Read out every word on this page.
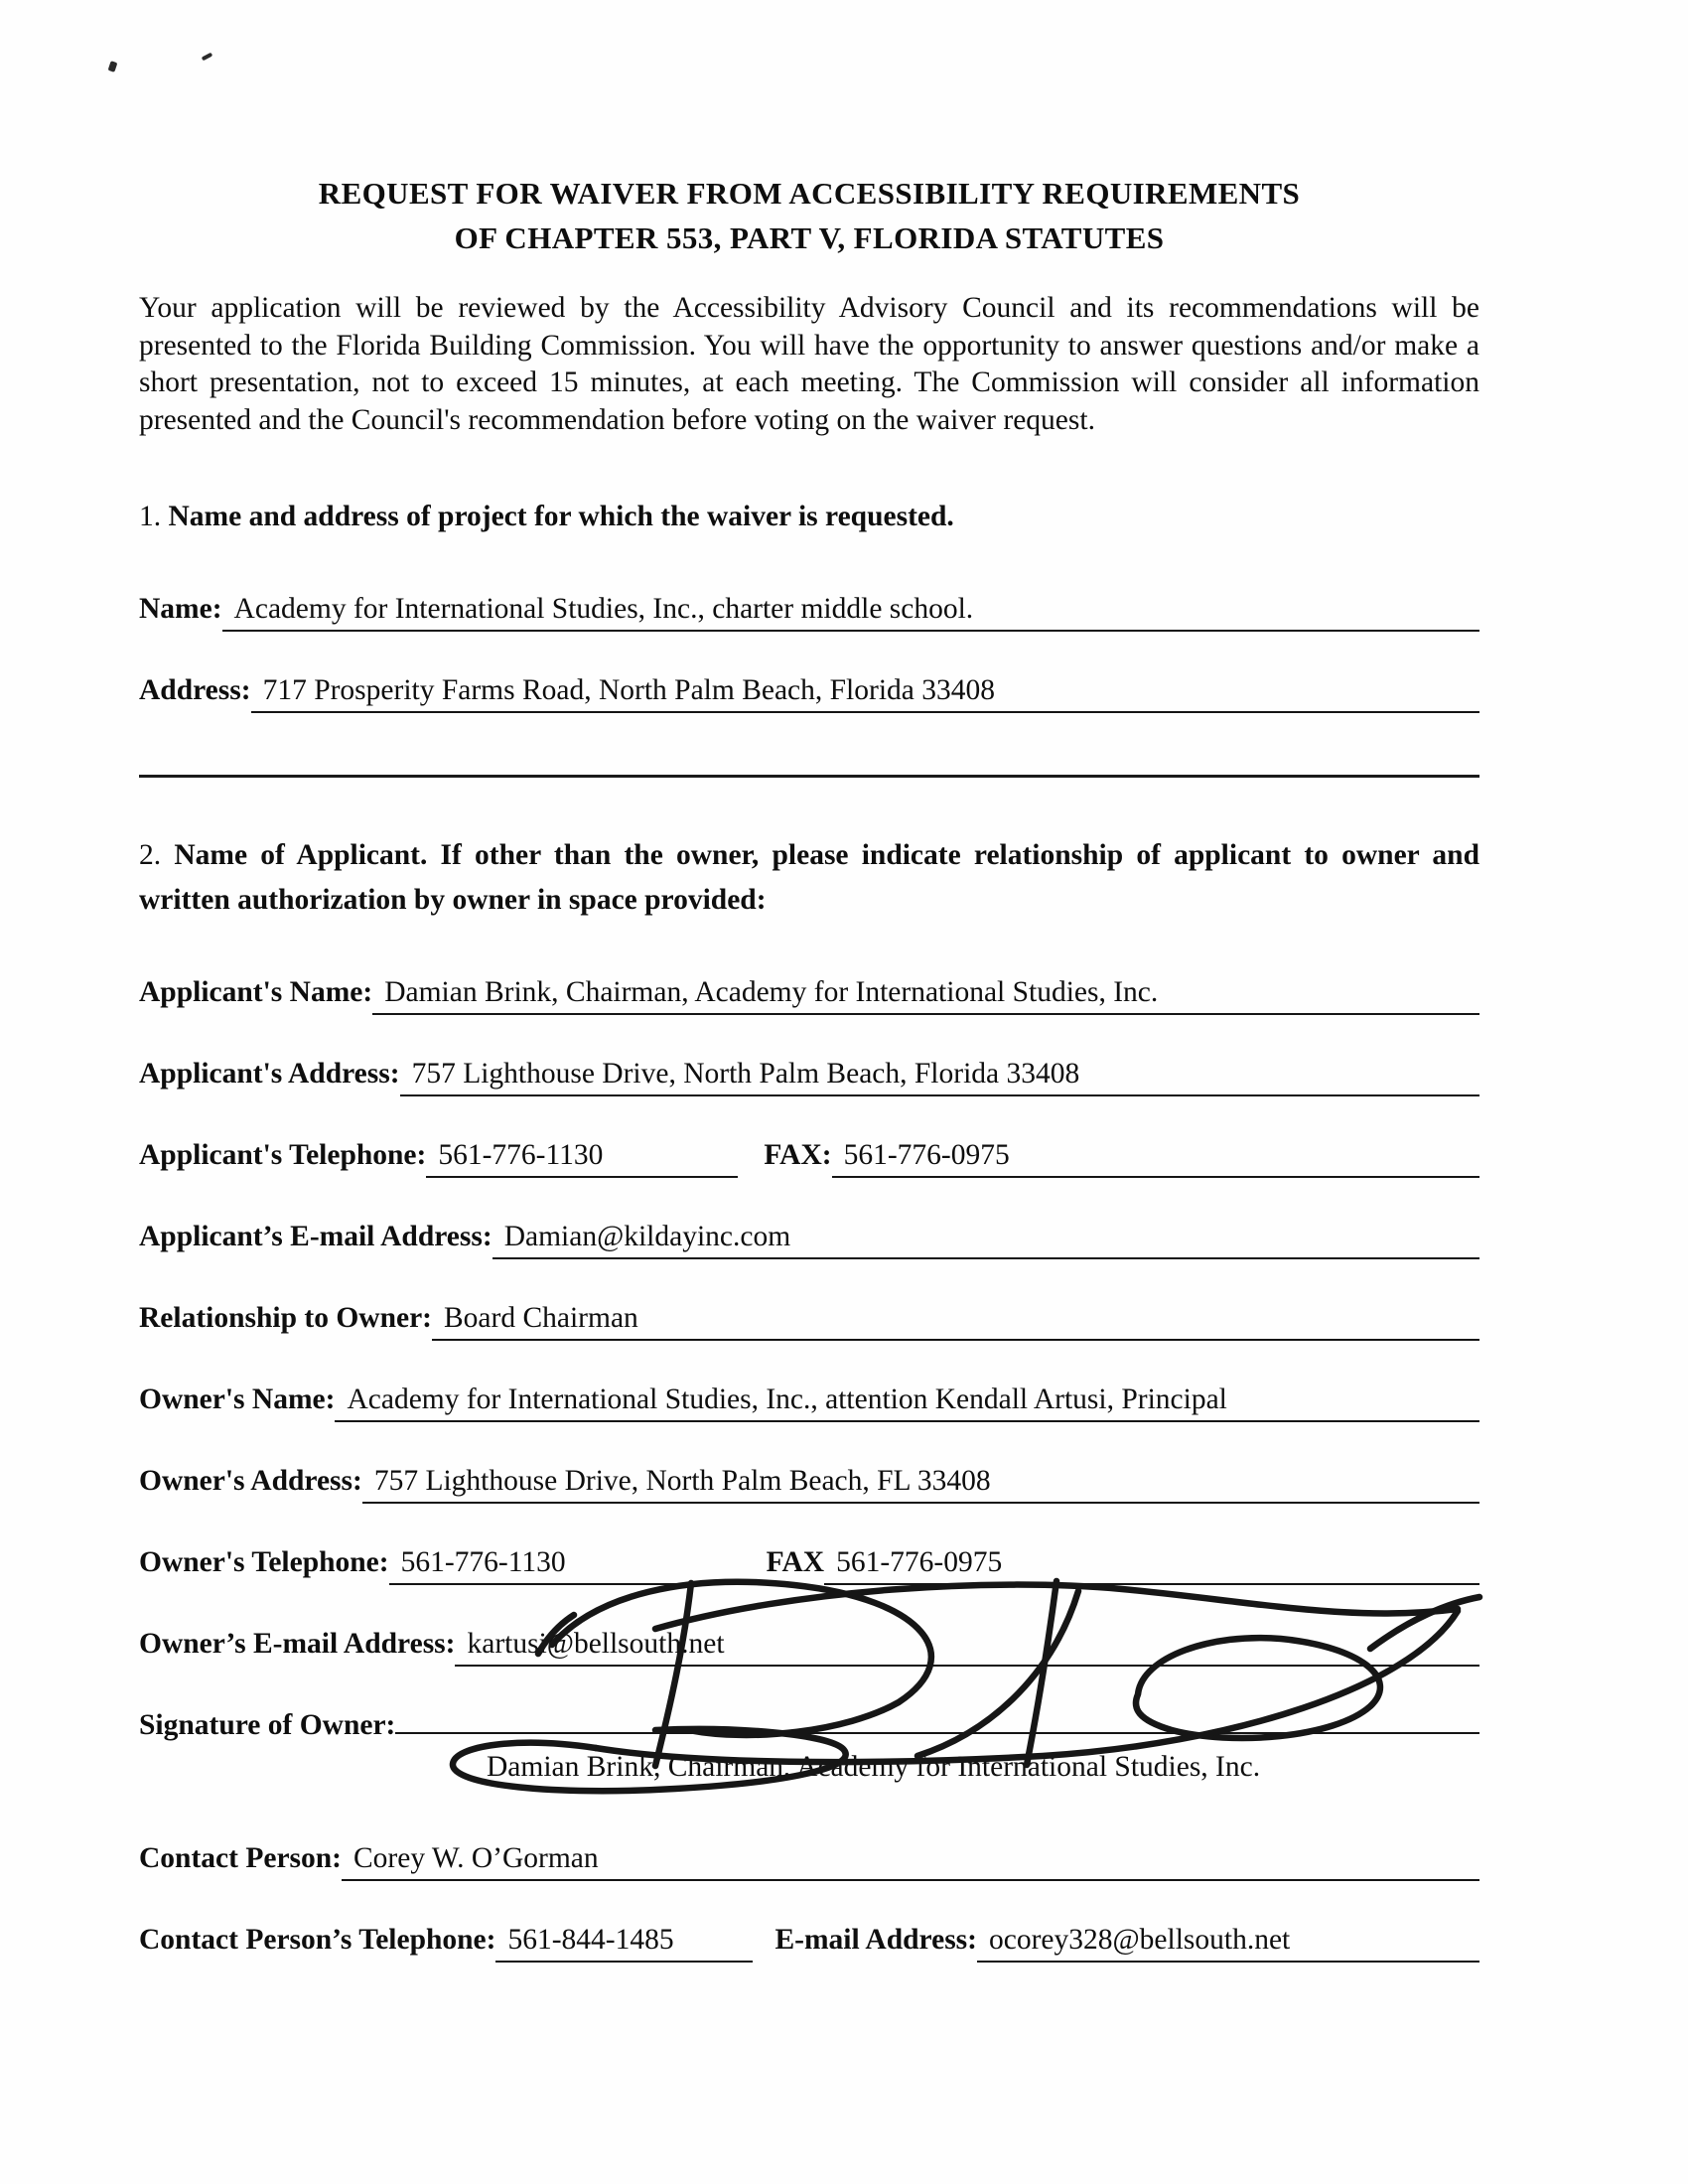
REQUEST FOR WAIVER FROM ACCESSIBILITY REQUIREMENTS
OF CHAPTER 553, PART V, FLORIDA STATUTES
Your application will be reviewed by the Accessibility Advisory Council and its recommendations will be presented to the Florida Building Commission. You will have the opportunity to answer questions and/or make a short presentation, not to exceed 15 minutes, at each meeting. The Commission will consider all information presented and the Council's recommendation before voting on the waiver request.
1. Name and address of project for which the waiver is requested.
Name: Academy for International Studies, Inc., charter middle school.
Address: 717 Prosperity Farms Road, North Palm Beach, Florida 33408
2. Name of Applicant. If other than the owner, please indicate relationship of applicant to owner and written authorization by owner in space provided:
Applicant's Name: Damian Brink, Chairman, Academy for International Studies, Inc.
Applicant's Address: 757 Lighthouse Drive, North Palm Beach, Florida 33408
Applicant's Telephone: 561-776-1130	FAX: 561-776-0975
Applicant’s E-mail Address: Damian@kildayinc.com
Relationship to Owner: Board Chairman
Owner's Name: Academy for International Studies, Inc., attention Kendall Artusi, Principal
Owner's Address: 757 Lighthouse Drive, North Palm Beach, FL 33408
Owner's Telephone: 561-776-1130	FAX 561-776-0975
Owner’s E-mail Address: kartusi@bellsouth.net
Signature of Owner:
Damian Brink, Chairman, Academy for International Studies, Inc.
Contact Person: Corey W. O’Gorman
Contact Person’s Telephone: 561-844-1485	E-mail Address: ocorey328@bellsouth.net
